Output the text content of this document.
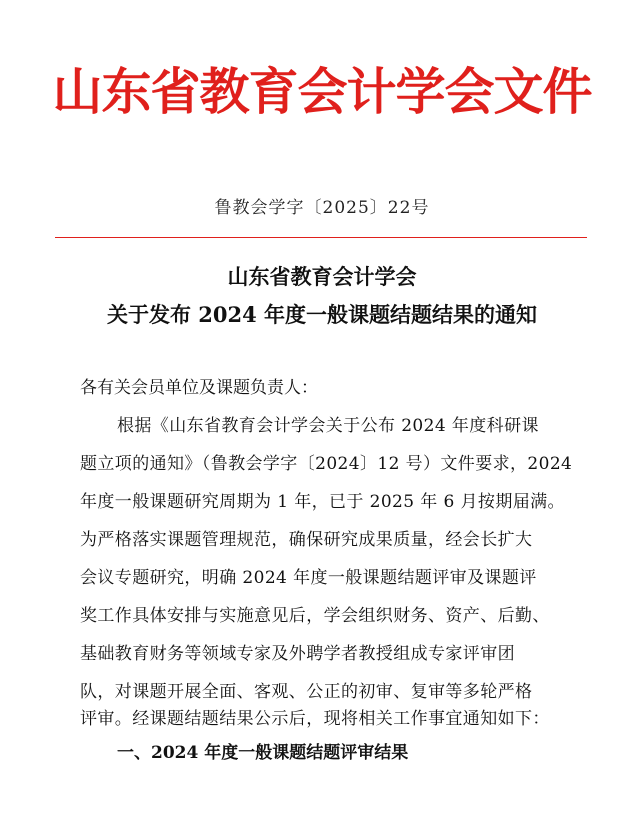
山东省教育会计学会文件
鲁教会学字〔2025〕22号
山东省教育会计学会
关于发布 2024 年度一般课题结题结果的通知
各有关会员单位及课题负责人：
根据《山东省教育会计学会关于公布 2024 年度科研课
题立项的通知》（鲁教会学字〔2024〕12 号）文件要求，2024
年度一般课题研究周期为 1 年，已于 2025 年 6 月按期届满。
为严格落实课题管理规范，确保研究成果质量，经会长扩大
会议专题研究，明确 2024 年度一般课题结题评审及课题评
奖工作具体安排与实施意见后，学会组织财务、资产、后勤、
基础教育财务等领域专家及外聘学者教授组成专家评审团
队，对课题开展全面、客观、公正的初审、复审等多轮严格
评审。经课题结题结果公示后，现将相关工作事宜通知如下：
一、2024 年度一般课题结题评审结果
